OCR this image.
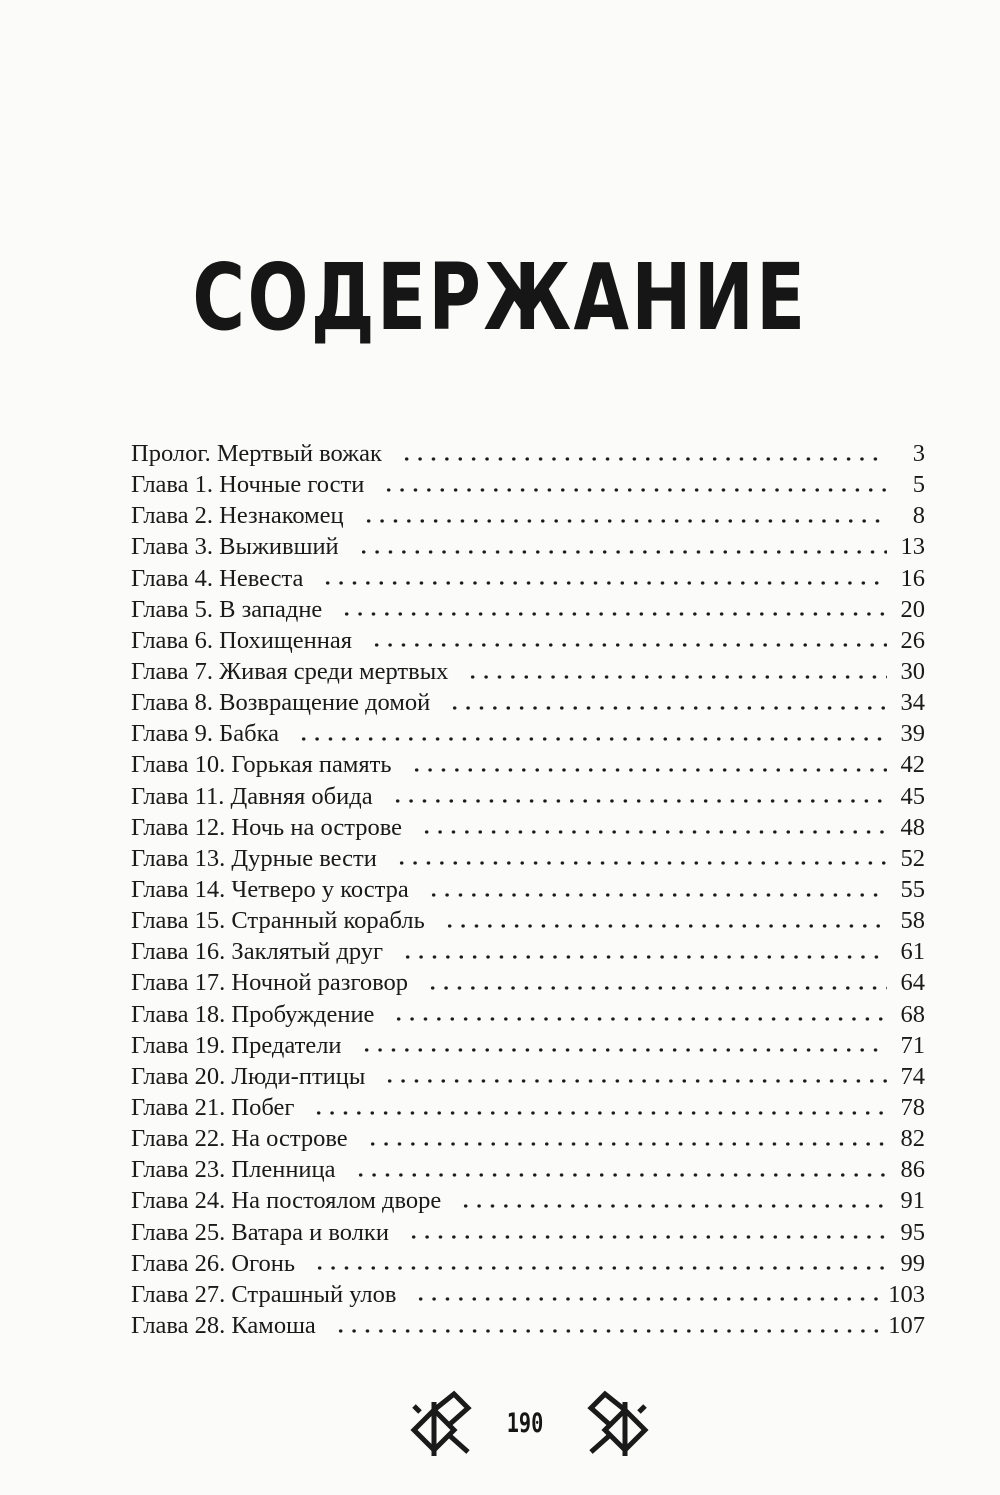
СОДЕРЖАНИЕ
Пролог. Мертвый вожак	3
Глава 1. Ночные гости	5
Глава 2. Незнакомец	8
Глава 3. Выживший	13
Глава 4. Невеста	16
Глава 5. В западне	20
Глава 6. Похищенная	26
Глава 7. Живая среди мертвых	30
Глава 8. Возвращение домой	34
Глава 9. Бабка	39
Глава 10. Горькая память	42
Глава 11. Давняя обида	45
Глава 12. Ночь на острове	48
Глава 13. Дурные вести	52
Глава 14. Четверо у костра	55
Глава 15. Странный корабль	58
Глава 16. Заклятый друг	61
Глава 17. Ночной разговор	64
Глава 18. Пробуждение	68
Глава 19. Предатели	71
Глава 20. Люди-птицы	74
Глава 21. Побег	78
Глава 22. На острове	82
Глава 23. Пленница	86
Глава 24. На постоялом дворе	91
Глава 25. Ватара и волки	95
Глава 26. Огонь	99
Глава 27. Страшный улов	103
Глава 28. Камоша	107
190
